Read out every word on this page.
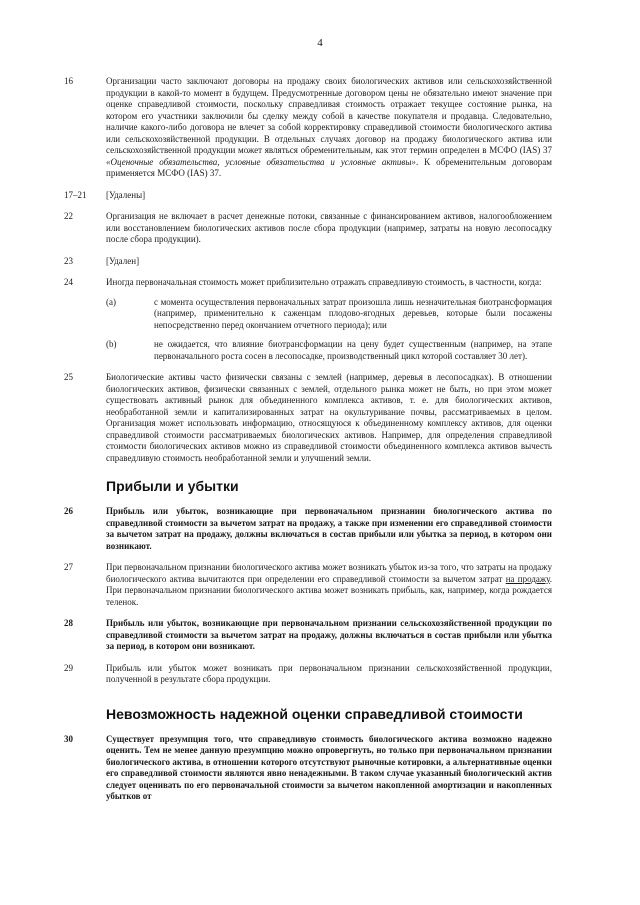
4
16	Организации часто заключают договоры на продажу своих биологических активов или сельскохозяйственной продукции в какой-то момент в будущем. Предусмотренные договором цены не обязательно имеют значение при оценке справедливой стоимости, поскольку справедливая стоимость отражает текущее состояние рынка, на котором его участники заключили бы сделку между собой в качестве покупателя и продавца. Следовательно, наличие какого-либо договора не влечет за собой корректировку справедливой стоимости биологического актива или сельскохозяйственной продукции. В отдельных случаях договор на продажу биологического актива или сельскохозяйственной продукции может являться обременительным, как этот термин определен в МСФО (IAS) 37 «Оценочные обязательства, условные обязательства и условные активы». К обременительным договорам применяется МСФО (IAS) 37.
17–21	[Удалены]
22	Организация не включает в расчет денежные потоки, связанные с финансированием активов, налогообложением или восстановлением биологических активов после сбора продукции (например, затраты на новую лесопосадку после сбора продукции).
23	[Удален]
24	Иногда первоначальная стоимость может приблизительно отражать справедливую стоимость, в частности, когда:
(a)	с момента осуществления первоначальных затрат произошла лишь незначительная биотрансформация (например, применительно к саженцам плодово-ягодных деревьев, которые были посажены непосредственно перед окончанием отчетного периода); или
(b)	не ожидается, что влияние биотрансформации на цену будет существенным (например, на этапе первоначального роста сосен в лесопосадке, производственный цикл которой составляет 30 лет).
25	Биологические активы часто физически связаны с землей (например, деревья в лесопосадках). В отношении биологических активов, физически связанных с землей, отдельного рынка может не быть, но при этом может существовать активный рынок для объединенного комплекса активов, т. е. для биологических активов, необработанной земли и капитализированных затрат на окультуривание почвы, рассматриваемых в целом. Организация может использовать информацию, относящуюся к объединенному комплексу активов, для оценки справедливой стоимости рассматриваемых биологических активов. Например, для определения справедливой стоимости биологических активов можно из справедливой стоимости объединенного комплекса активов вычесть справедливую стоимость необработанной земли и улучшений земли.
Прибыли и убытки
26	Прибыль или убыток, возникающие при первоначальном признании биологического актива по справедливой стоимости за вычетом затрат на продажу, а также при изменении его справедливой стоимости за вычетом затрат на продажу, должны включаться в состав прибыли или убытка за период, в котором они возникают.
27	При первоначальном признании биологического актива может возникать убыток из-за того, что затраты на продажу биологического актива вычитаются при определении его справедливой стоимости за вычетом затрат на продажу. При первоначальном признании биологического актива может возникать прибыль, как, например, когда рождается теленок.
28	Прибыль или убыток, возникающие при первоначальном признании сельскохозяйственной продукции по справедливой стоимости за вычетом затрат на продажу, должны включаться в состав прибыли или убытка за период, в котором они возникают.
29	Прибыль или убыток может возникать при первоначальном признании сельскохозяйственной продукции, полученной в результате сбора продукции.
Невозможность надежной оценки справедливой стоимости
30	Существует презумпция того, что справедливую стоимость биологического актива возможно надежно оценить. Тем не менее данную презумпцию можно опровергнуть, но только при первоначальном признании биологического актива, в отношении которого отсутствуют рыночные котировки, а альтернативные оценки его справедливой стоимости являются явно ненадежными. В таком случае указанный биологический актив следует оценивать по его первоначальной стоимости за вычетом накопленной амортизации и накопленных убытков от
